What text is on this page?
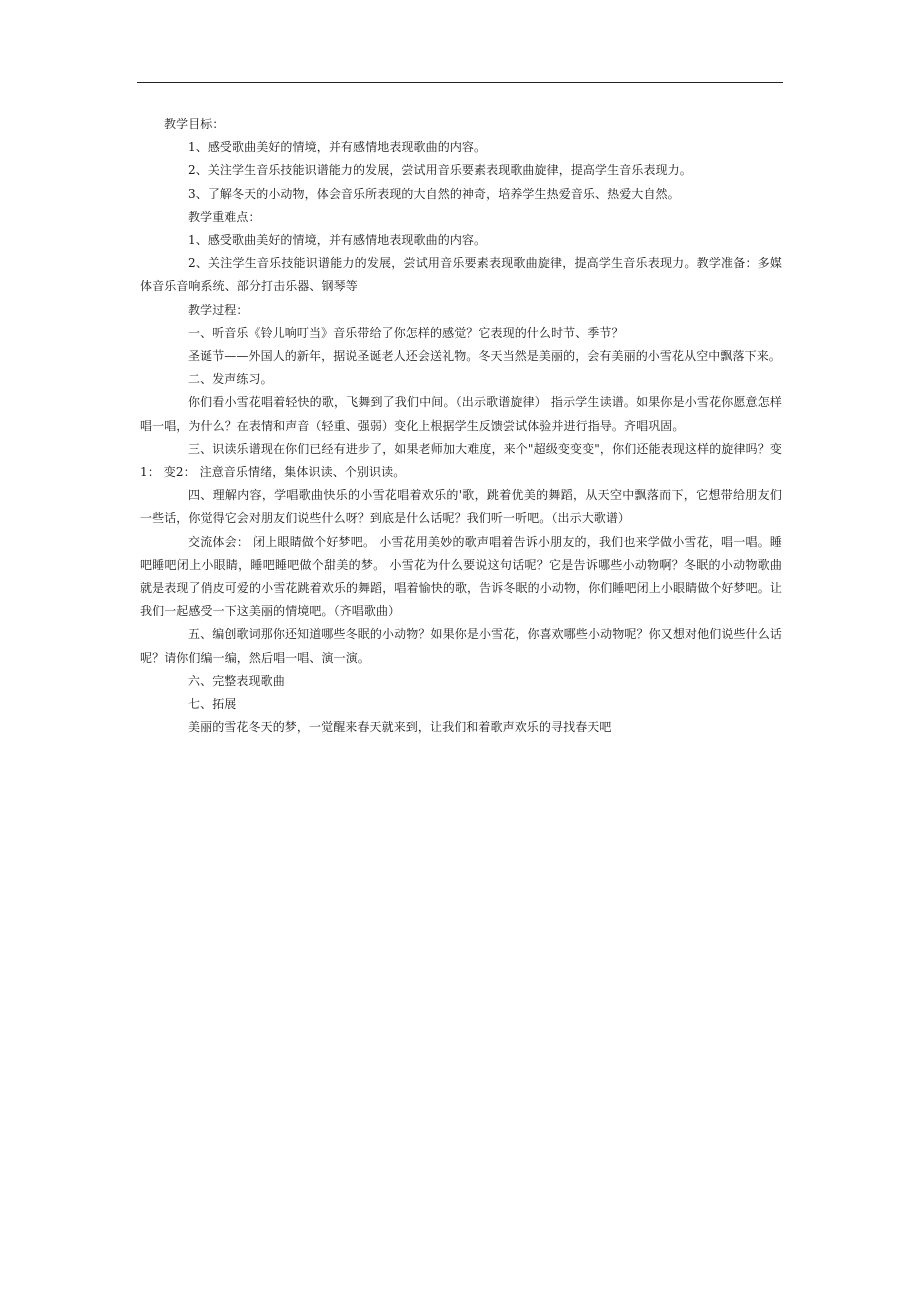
教学目标：

1、感受歌曲美好的情境，并有感情地表现歌曲的内容。

2、关注学生音乐技能识谱能力的发展，尝试用音乐要素表现歌曲旋律，提高学生音乐表现力。

3、了解冬天的小动物，体会音乐所表现的大自然的神奇，培养学生热爱音乐、热爱大自然。

教学重难点：

1、感受歌曲美好的情境，并有感情地表现歌曲的内容。

2、关注学生音乐技能识谱能力的发展，尝试用音乐要素表现歌曲旋律，提高学生音乐表现力。教学准备：多媒体音乐音响系统、部分打击乐器、钢琴等

教学过程：

一、听音乐《铃儿响叮当》音乐带给了你怎样的感觉？它表现的什么时节、季节？

圣诞节——外国人的新年，据说圣诞老人还会送礼物。冬天当然是美丽的，会有美丽的小雪花从空中飘落下来。

二、发声练习。

你们看小雪花唱着轻快的歌，飞舞到了我们中间。（出示歌谱旋律） 指示学生读谱。如果你是小雪花你愿意怎样唱一唱，为什么？在表情和声音（轻重、强弱）变化上根据学生反馈尝试体验并进行指导。齐唱巩固。

三、识读乐谱现在你们已经有进步了，如果老师加大难度，来个"超级变变变"，你们还能表现这样的旋律吗？变1： 变2： 注意音乐情绪，集体识读、个别识读。

四、理解内容，学唱歌曲快乐的小雪花唱着欢乐的'歌，跳着优美的舞蹈，从天空中飘落而下，它想带给朋友们一些话，你觉得它会对朋友们说些什么呀？到底是什么话呢？我们听一听吧。（出示大歌谱）

交流体会： 闭上眼睛做个好梦吧。 小雪花用美妙的歌声唱着告诉小朋友的，我们也来学做小雪花，唱一唱。睡吧睡吧闭上小眼睛，睡吧睡吧做个甜美的梦。 小雪花为什么要说这句话呢？它是告诉哪些小动物啊？冬眠的小动物歌曲就是表现了俏皮可爱的小雪花跳着欢乐的舞蹈，唱着愉快的歌，告诉冬眠的小动物，你们睡吧闭上小眼睛做个好梦吧。让我们一起感受一下这美丽的情境吧。（齐唱歌曲）

五、编创歌词那你还知道哪些冬眠的小动物？如果你是小雪花，你喜欢哪些小动物呢？你又想对他们说些什么话呢？请你们编一编，然后唱一唱、演一演。

六、完整表现歌曲

七、拓展

美丽的雪花冬天的梦，一觉醒来春天就来到，让我们和着歌声欢乐的寻找春天吧
